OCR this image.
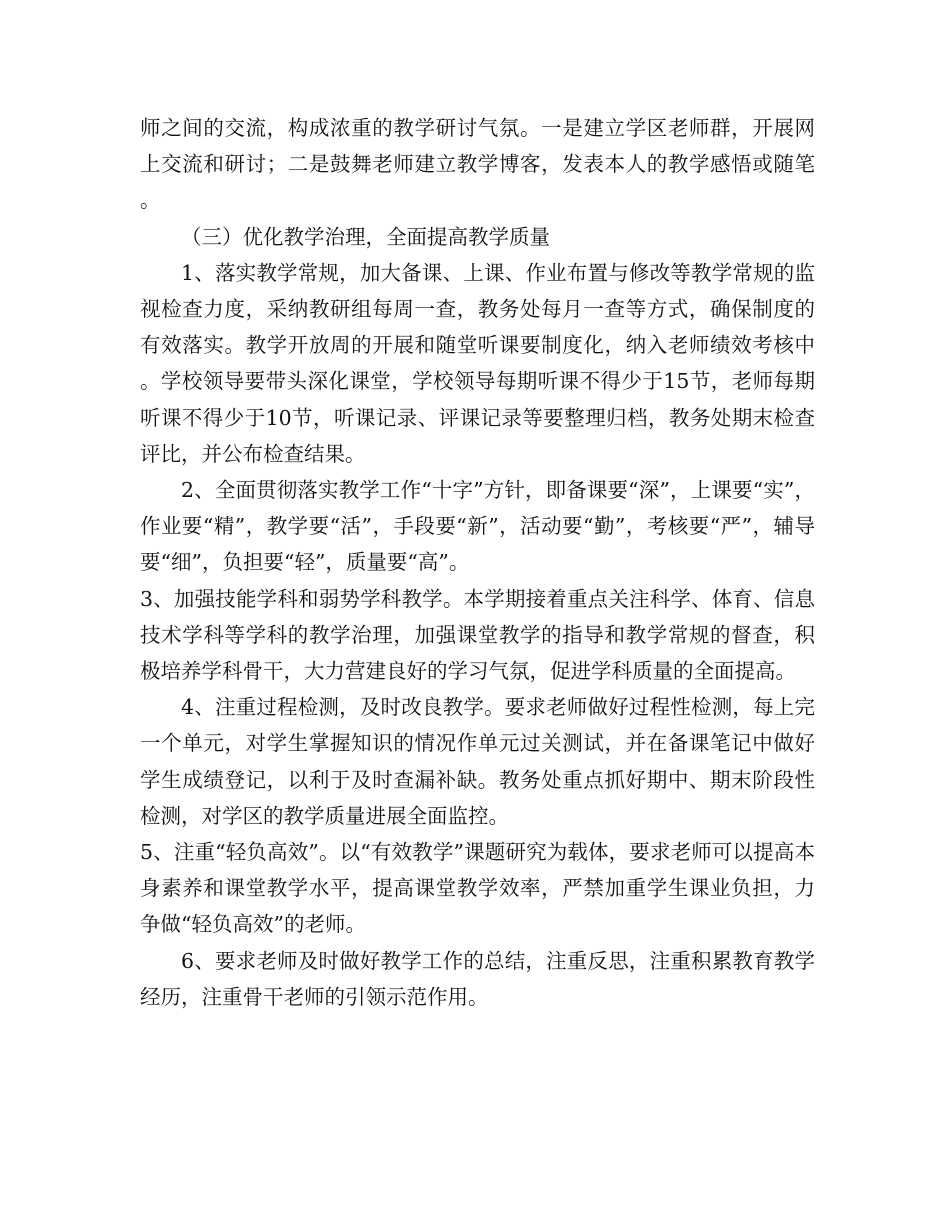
师之间的交流，构成浓重的教学研讨气氛。一是建立学区老师群，开展网上交流和研讨；二是鼓舞老师建立教学博客，发表本人的教学感悟或随笔。

（三）优化教学治理，全面提高教学质量

1、落实教学常规，加大备课、上课、作业布置与修改等教学常规的监视检查力度，采纳教研组每周一查，教务处每月一查等方式，确保制度的有效落实。教学开放周的开展和随堂听课要制度化，纳入老师绩效考核中。学校领导要带头深化课堂，学校领导每期听课不得少于15节，老师每期听课不得少于10节，听课记录、评课记录等要整理归档，教务处期末检查评比，并公布检查结果。

2、全面贯彻落实教学工作“十字”方针，即备课要“深”，上课要“实”，作业要“精”，教学要“活”，手段要“新”，活动要“勤”，考核要“严”，辅导要“细”，负担要“轻”，质量要“高”。

3、加强技能学科和弱势学科教学。本学期接着重点关注科学、体育、信息技术学科等学科的教学治理，加强课堂教学的指导和教学常规的督查，积极培养学科骨干，大力营建良好的学习气氛，促进学科质量的全面提高。

4、注重过程检测，及时改良教学。要求老师做好过程性检测，每上完一个单元，对学生掌握知识的情况作单元过关测试，并在备课笔记中做好学生成绩登记，以利于及时查漏补缺。教务处重点抓好期中、期末阶段性检测，对学区的教学质量进展全面监控。

5、注重“轻负高效”。以“有效教学”课题研究为载体，要求老师可以提高本身素养和课堂教学水平，提高课堂教学效率，严禁加重学生课业负担，力争做“轻负高效”的老师。

6、要求老师及时做好教学工作的总结，注重反思，注重积累教育教学经历，注重骨干老师的引领示范作用。
